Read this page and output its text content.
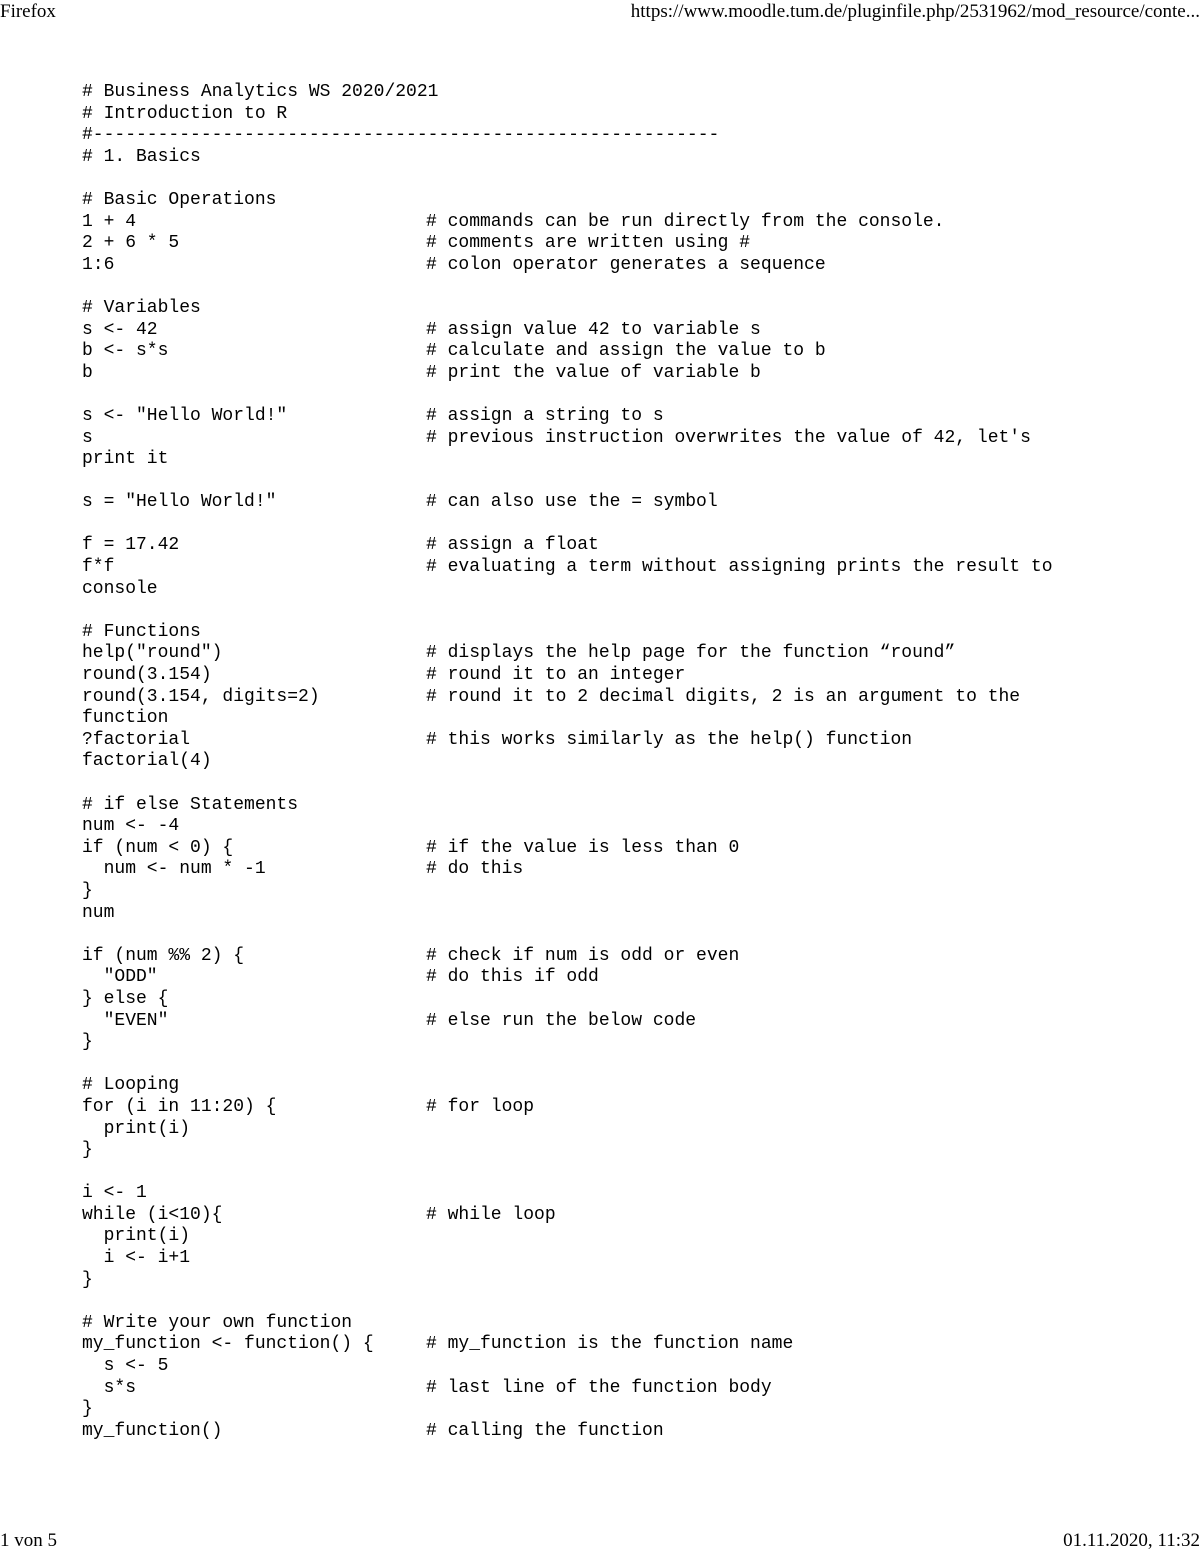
Firefox	https://www.moodle.tum.de/pluginfile.php/2531962/mod_resource/conte...
# Business Analytics WS 2020/2021
# Introduction to R
#----------------------------------------------------------
# 1. Basics
# Basic Operations
1 + 4	# commands can be run directly from the console.
2 + 6 * 5	# comments are written using #
1:6	# colon operator generates a sequence
# Variables
s <- 42	# assign value 42 to variable s
b <- s*s	# calculate and assign the value to b
b	# print the value of variable b
s <- "Hello World!"	# assign a string to s
s	# previous instruction overwrites the value of 42, let's
print it
s = "Hello World!"	# can also use the = symbol
f = 17.42	# assign a float
f*f	# evaluating a term without assigning prints the result to
console
# Functions
help("round")	# displays the help page for the function “round”
round(3.154)	# round it to an integer
round(3.154, digits=2)	# round it to 2 decimal digits, 2 is an argument to the
function
?factorial	# this works similarly as the help() function
factorial(4)
# if else Statements
num <- -4
if (num < 0) {	# if the value is less than 0
num <- num * -1	# do this
}
num
if (num %% 2) {	# check if num is odd or even
"ODD"	# do this if odd
} else {
"EVEN"	# else run the below code
}
# Looping
for (i in 11:20) {	# for loop
print(i)
}
i <- 1
while (i<10){	# while loop
print(i)
i <- i+1
}
# Write your own function
my_function <- function() {	# my_function is the function name
s <- 5
s*s	# last line of the function body
}
my_function()	# calling the function
1 von 5	01.11.2020, 11:32
